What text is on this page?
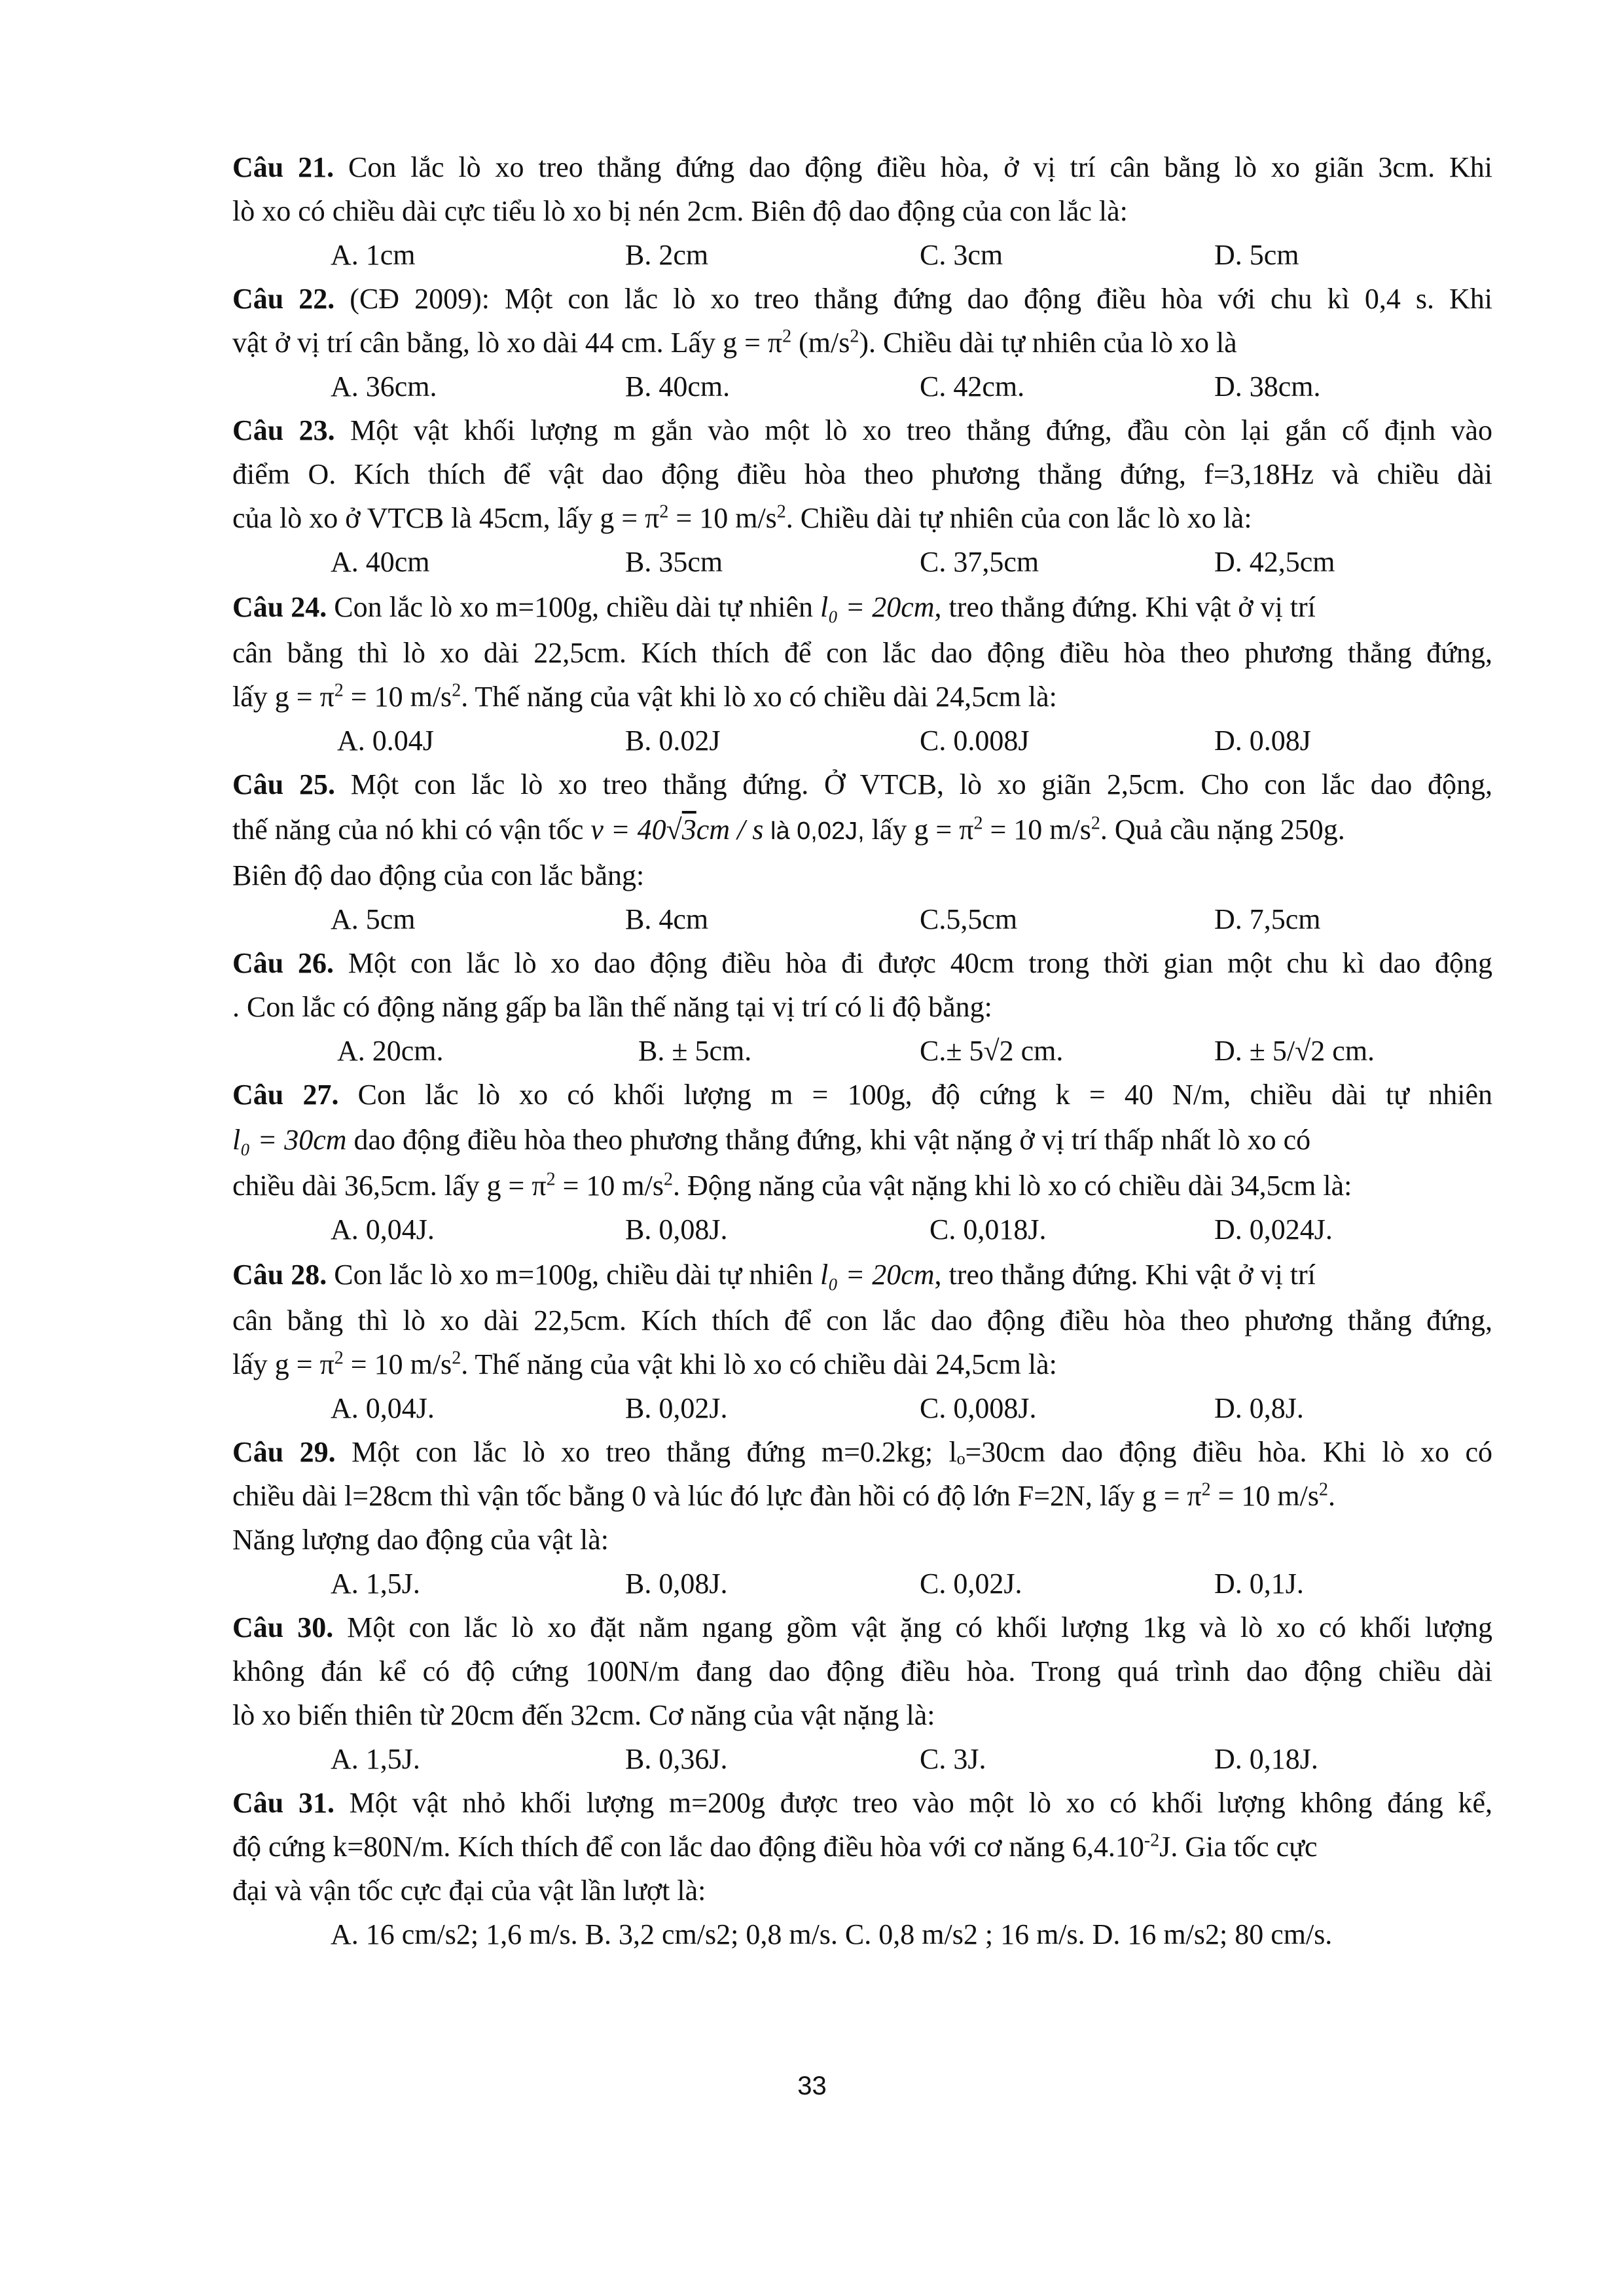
Câu 21. Con lắc lò xo treo thẳng đứng dao động điều hòa, ở vị trí cân bằng lò xo giãn 3cm. Khi
lò xo có chiều dài cực tiểu lò xo bị nén 2cm. Biên độ dao động của con lắc là:
A. 1cm	B. 2cm	C. 3cm	D. 5cm
Câu 22. (CĐ 2009): Một con lắc lò xo treo thẳng đứng dao động điều hòa với chu kì 0,4 s. Khi
vật ở vị trí cân bằng, lò xo dài 44 cm. Lấy $g = \pi^2$ $(m/s^2)$. Chiều dài tự nhiên của lò xo là
A. 36cm.	B. 40cm.	C. 42cm.	D. 38cm.
Câu 23. Một vật khối lượng m gắn vào một lò xo treo thẳng đứng, đầu còn lại gắn cố định vào
điểm O. Kích thích để vật dao động điều hòa theo phương thẳng đứng, f=3,18Hz và chiều dài
của lò xo ở VTCB là 45cm, lấy $g = \pi^2 = 10$ $m/s^2$. Chiều dài tự nhiên của con lắc lò xo là:
A. 40cm	B. 35cm	C. 37,5cm	D. 42,5cm
Câu 24. Con lắc lò xo m=100g, chiều dài tự nhiên l₀ = 20cm, treo thẳng đứng. Khi vật ở vị trí
cân bằng thì lò xo dài 22,5cm. Kích thích để con lắc dao động điều hòa theo phương thẳng đứng,
lấy $g = \pi^2 = 10$ $m/s^2$. Thế năng của vật khi lò xo có chiều dài 24,5cm là:
A. 0.04J	B. 0.02J	C. 0.008J	D. 0.08J
Câu 25. Một con lắc lò xo treo thẳng đứng. Ở VTCB, lò xo giãn 2,5cm. Cho con lắc dao động,
thế năng của nó khi có vận tốc v = 40√3cm / s là 0,02J, lấy $g = \pi^2 = 10$ $m/s^2$. Quả cầu nặng 250g.
Biên độ dao động của con lắc bằng:
A. 5cm	B. 4cm	C.5,5cm	D. 7,5cm
Câu 26. Một con lắc lò xo dao động điều hòa đi được 40cm trong thời gian một chu kì dao động
. Con lắc có động năng gấp ba lần thế năng tại vị trí có li độ bằng:
A. 20cm.	B. ± 5cm.	C.± 5√2 cm.	D. ± 5/√2 cm.
Câu 27. Con lắc lò xo có khối lượng m = 100g, độ cứng k = 40 N/m, chiều dài tự nhiên
l₀ = 30cm dao động điều hòa theo phương thẳng đứng, khi vật nặng ở vị trí thấp nhất lò xo có
chiều dài 36,5cm. lấy $g = \pi^2 = 10$ $m/s^2$. Động năng của vật nặng khi lò xo có chiều dài 34,5cm là:
A. 0,04J.	B. 0,08J.	C. 0,018J.	D. 0,024J.
Câu 28. Con lắc lò xo m=100g, chiều dài tự nhiên l₀ = 20cm, treo thẳng đứng. Khi vật ở vị trí
cân bằng thì lò xo dài 22,5cm. Kích thích để con lắc dao động điều hòa theo phương thẳng đứng,
lấy $g = \pi^2 = 10$ $m/s^2$. Thế năng của vật khi lò xo có chiều dài 24,5cm là:
A. 0,04J.	B. 0,02J.	C. 0,008J.	D. 0,8J.
Câu 29. Một con lắc lò xo treo thẳng đứng m=0.2kg; lₒ=30cm dao động điều hòa. Khi lò xo có
chiều dài l=28cm thì vận tốc bằng 0 và lúc đó lực đàn hồi có độ lớn F=2N, lấy $g = \pi^2 = 10$ $m/s^2$.
Năng lượng dao động của vật là:
A. 1,5J.	B. 0,08J.	C. 0,02J.	D. 0,1J.
Câu 30. Một con lắc lò xo đặt nằm ngang gồm vật ặng có khối lượng 1kg và lò xo có khối lượng
không đán kể có độ cứng 100N/m đang dao động điều hòa. Trong quá trình dao động chiều dài
lò xo biến thiên từ 20cm đến 32cm. Cơ năng của vật nặng là:
A. 1,5J.	B. 0,36J.	C. 3J.	D. 0,18J.
Câu 31. Một vật nhỏ khối lượng m=200g được treo vào một lò xo có khối lượng không đáng kể,
độ cứng k=80N/m. Kích thích để con lắc dao động điều hòa với cơ năng $6,4.10^{-2}J$. Gia tốc cực
đại và vận tốc cực đại của vật lần lượt là:
A. 16 cm/s2; 1,6 m/s. B. 3,2 cm/s2; 0,8 m/s. C. 0,8 m/s2 ; 16 m/s. D. 16 m/s2; 80 cm/s.
33
